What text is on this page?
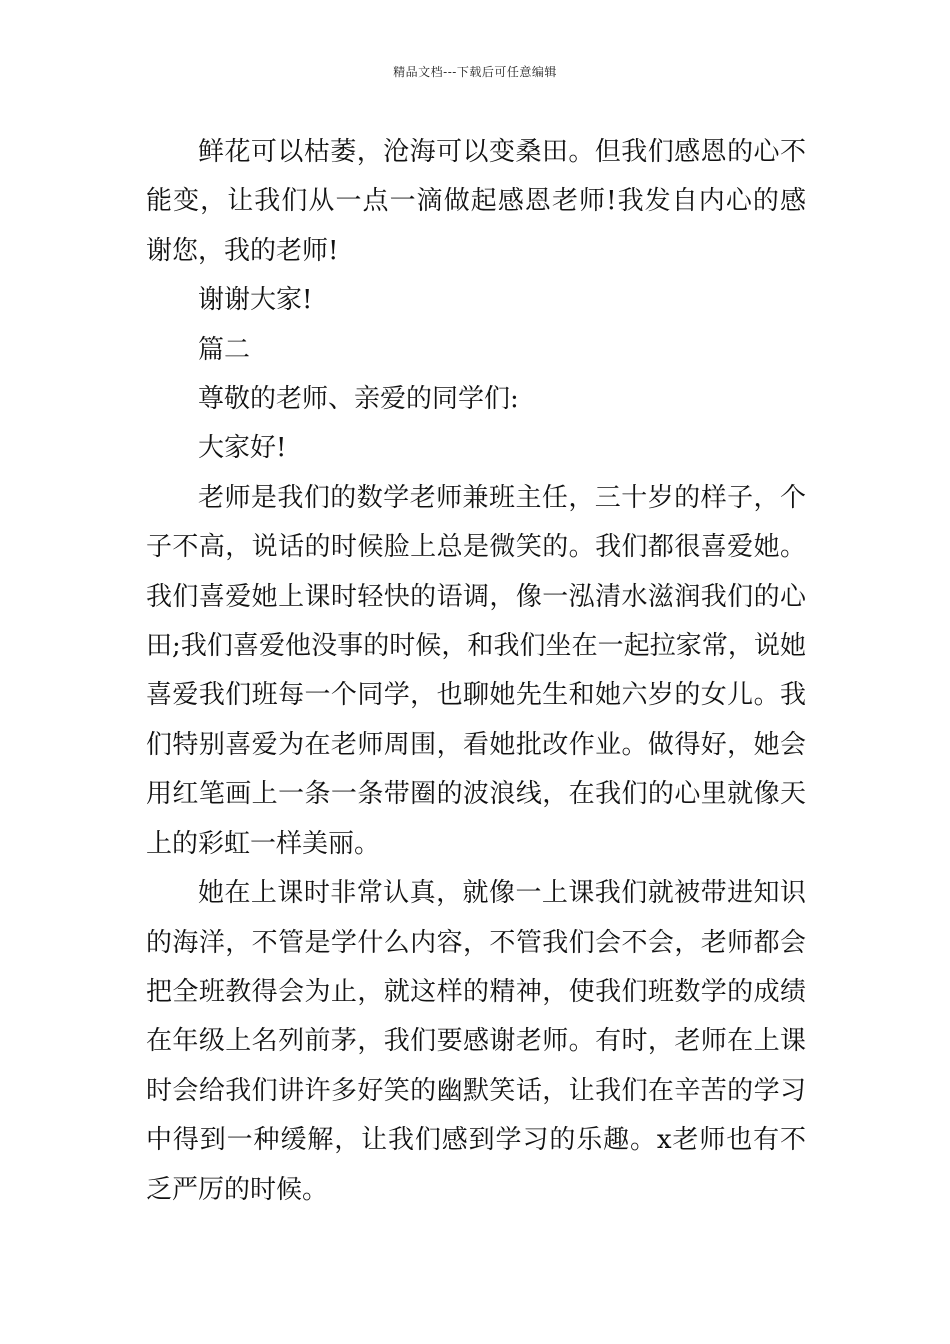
精品文档---下载后可任意编辑

鲜花可以枯萎，沧海可以变桑田。但我们感恩的心不能变，让我们从一点一滴做起感恩老师!我发自内心的感谢您，我的老师!

谢谢大家!

篇二

尊敬的老师、亲爱的同学们:

大家好!

老师是我们的数学老师兼班主任，三十岁的样子，个子不高，说话的时候脸上总是微笑的。我们都很喜爱她。我们喜爱她上课时轻快的语调，像一泓清水滋润我们的心田;我们喜爱他没事的时候，和我们坐在一起拉家常，说她喜爱我们班每一个同学，也聊她先生和她六岁的女儿。我们特别喜爱为在老师周围，看她批改作业。做得好，她会用红笔画上一条一条带圈的波浪线，在我们的心里就像天上的彩虹一样美丽。

她在上课时非常认真，就像一上课我们就被带进知识的海洋，不管是学什么内容，不管我们会不会，老师都会把全班教得会为止，就这样的精神，使我们班数学的成绩在年级上名列前茅，我们要感谢老师。有时，老师在上课时会给我们讲许多好笑的幽默笑话，让我们在辛苦的学习中得到一种缓解，让我们感到学习的乐趣。x老师也有不乏严厉的时候。
